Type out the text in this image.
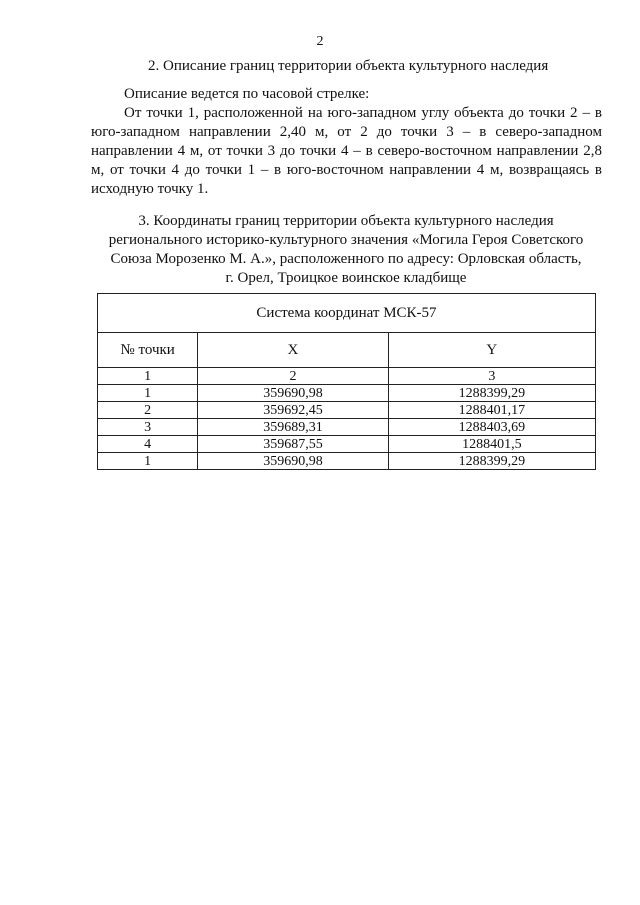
2
2. Описание границ территории объекта культурного наследия
Описание ведется по часовой стрелке:
От точки 1, расположенной на юго-западном углу объекта до точки 2 – в юго-западном направлении 2,40 м, от 2 до точки 3 – в северо-западном направлении 4 м, от точки 3 до точки 4 – в северо-восточном направлении 2,8 м, от точки 4 до точки 1 – в юго-восточном направлении 4 м, возвращаясь в исходную точку 1.
3. Координаты границ территории объекта культурного наследия
регионального историко-культурного значения «Могила Героя Советского
Союза Морозенко М. А.», расположенного по адресу: Орловская область,
г. Орел, Троицкое воинское кладбище
Система координат МСК-57		
№ точки	X	Y
1	2	3
1	359690,98	1288399,29
2	359692,45	1288401,17
3	359689,31	1288403,69
4	359687,55	1288401,5
1	359690,98	1288399,29
